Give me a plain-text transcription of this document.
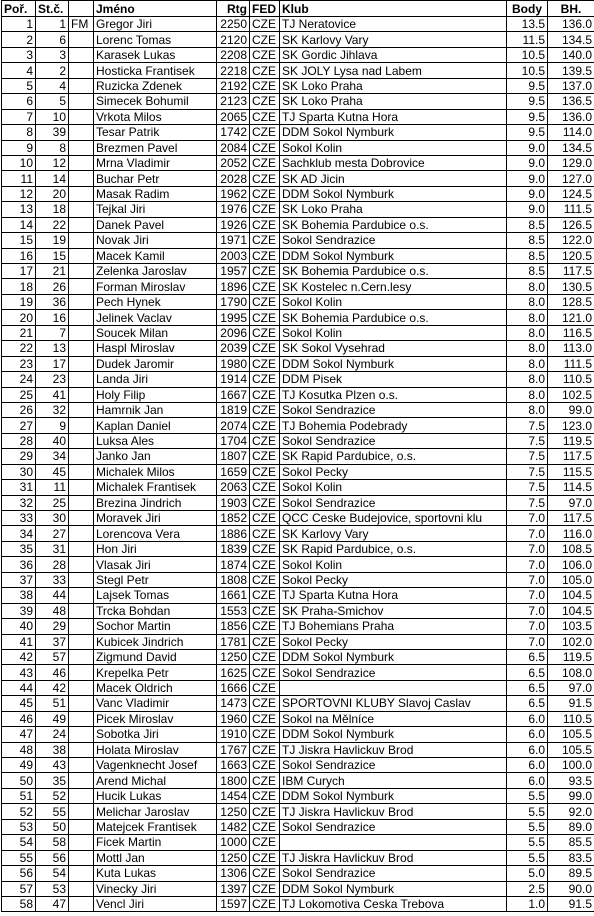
Poř.	St.č.		Jméno	Rtg	FED	Klub	Body	BH.
1	1	FM	Gregor Jiri	2250	CZE	TJ Neratovice	13.5	136.0
2	6		Lorenc Tomas	2120	CZE	SK Karlovy Vary	11.5	134.5
3	3		Karasek Lukas	2208	CZE	SK Gordic Jihlava	10.5	140.0
4	2		Hosticka Frantisek	2218	CZE	SK JOLY Lysa nad Labem	10.5	139.5
5	4		Ruzicka Zdenek	2192	CZE	SK Loko Praha	9.5	137.0
6	5		Simecek Bohumil	2123	CZE	SK Loko Praha	9.5	136.5
7	10		Vrkota Milos	2065	CZE	TJ Sparta Kutna Hora	9.5	136.0
8	39		Tesar Patrik	1742	CZE	DDM Sokol Nymburk	9.5	114.0
9	8		Brezmen Pavel	2084	CZE	Sokol Kolin	9.0	134.5
10	12		Mrna Vladimir	2052	CZE	Sachklub mesta Dobrovice	9.0	129.0
11	14		Buchar Petr	2028	CZE	SK AD Jicin	9.0	127.0
12	20		Masak Radim	1962	CZE	DDM Sokol Nymburk	9.0	124.5
13	18		Tejkal Jiri	1976	CZE	SK Loko Praha	9.0	111.5
14	22		Danek Pavel	1926	CZE	SK Bohemia Pardubice o.s.	8.5	126.5
15	19		Novak Jiri	1971	CZE	Sokol Sendrazice	8.5	122.0
16	15		Macek Kamil	2003	CZE	DDM Sokol Nymburk	8.5	120.5
17	21		Zelenka Jaroslav	1957	CZE	SK Bohemia Pardubice o.s.	8.5	117.5
18	26		Forman Miroslav	1896	CZE	SK Kostelec n.Cern.lesy	8.0	130.5
19	36		Pech Hynek	1790	CZE	Sokol Kolin	8.0	128.5
20	16		Jelinek Vaclav	1995	CZE	SK Bohemia Pardubice o.s.	8.0	121.0
21	7		Soucek Milan	2096	CZE	Sokol Kolin	8.0	116.5
22	13		Haspl Miroslav	2039	CZE	SK Sokol Vysehrad	8.0	113.0
23	17		Dudek Jaromir	1980	CZE	DDM Sokol Nymburk	8.0	111.5
24	23		Landa Jiri	1914	CZE	DDM Pisek	8.0	110.5
25	41		Holy Filip	1667	CZE	TJ Kosutka Plzen o.s.	8.0	102.5
26	32		Hamrnik Jan	1819	CZE	Sokol Sendrazice	8.0	99.0
27	9		Kaplan Daniel	2074	CZE	TJ Bohemia Podebrady	7.5	123.0
28	40		Luksa Ales	1704	CZE	Sokol Sendrazice	7.5	119.5
29	34		Janko Jan	1807	CZE	SK Rapid Pardubice, o.s.	7.5	117.5
30	45		Michalek Milos	1659	CZE	Sokol Pecky	7.5	115.5
31	11		Michalek Frantisek	2063	CZE	Sokol Kolin	7.5	114.5
32	25		Brezina Jindrich	1903	CZE	Sokol Sendrazice	7.5	97.0
33	30		Moravek Jiri	1852	CZE	QCC Ceske Budejovice, sportovni klu	7.0	117.5
34	27		Lorencova Vera	1886	CZE	SK Karlovy Vary	7.0	116.0
35	31		Hon Jiri	1839	CZE	SK Rapid Pardubice, o.s.	7.0	108.5
36	28		Vlasak Jiri	1874	CZE	Sokol Kolin	7.0	106.0
37	33		Stegl Petr	1808	CZE	Sokol Pecky	7.0	105.0
38	44		Lajsek Tomas	1661	CZE	TJ Sparta Kutna Hora	7.0	104.5
39	48		Trcka Bohdan	1553	CZE	SK Praha-Smichov	7.0	104.5
40	29		Sochor Martin	1856	CZE	TJ Bohemians Praha	7.0	103.5
41	37		Kubicek Jindrich	1781	CZE	Sokol Pecky	7.0	102.0
42	57		Zigmund David	1250	CZE	DDM Sokol Nymburk	6.5	119.5
43	46		Krepelka Petr	1625	CZE	Sokol Sendrazice	6.5	108.0
44	42		Macek Oldrich	1666	CZE		6.5	97.0
45	51		Vanc Vladimir	1473	CZE	SPORTOVNI KLUBY Slavoj Caslav	6.5	91.5
46	49		Picek Miroslav	1960	CZE	Sokol na Mělníce	6.0	110.5
47	24		Sobotka Jiri	1910	CZE	DDM Sokol Nymburk	6.0	105.5
48	38		Holata Miroslav	1767	CZE	TJ Jiskra Havlickuv Brod	6.0	105.5
49	43		Vagenknecht Josef	1663	CZE	Sokol Sendrazice	6.0	100.0
50	35		Arend Michal	1800	CZE	IBM Curych	6.0	93.5
51	52		Hucik Lukas	1454	CZE	DDM Sokol Nymburk	5.5	99.0
52	55		Melichar Jaroslav	1250	CZE	TJ Jiskra Havlickuv Brod	5.5	92.0
53	50		Matejcek Frantisek	1482	CZE	Sokol Sendrazice	5.5	89.0
54	58		Ficek Martin	1000	CZE		5.5	85.5
55	56		Mottl Jan	1250	CZE	TJ Jiskra Havlickuv Brod	5.5	83.5
56	54		Kuta Lukas	1306	CZE	Sokol Sendrazice	5.0	89.5
57	53		Vinecky Jiri	1397	CZE	DDM Sokol Nymburk	2.5	90.0
58	47		Vencl Jiri	1597	CZE	TJ Lokomotiva Ceska Trebova	1.0	91.5
